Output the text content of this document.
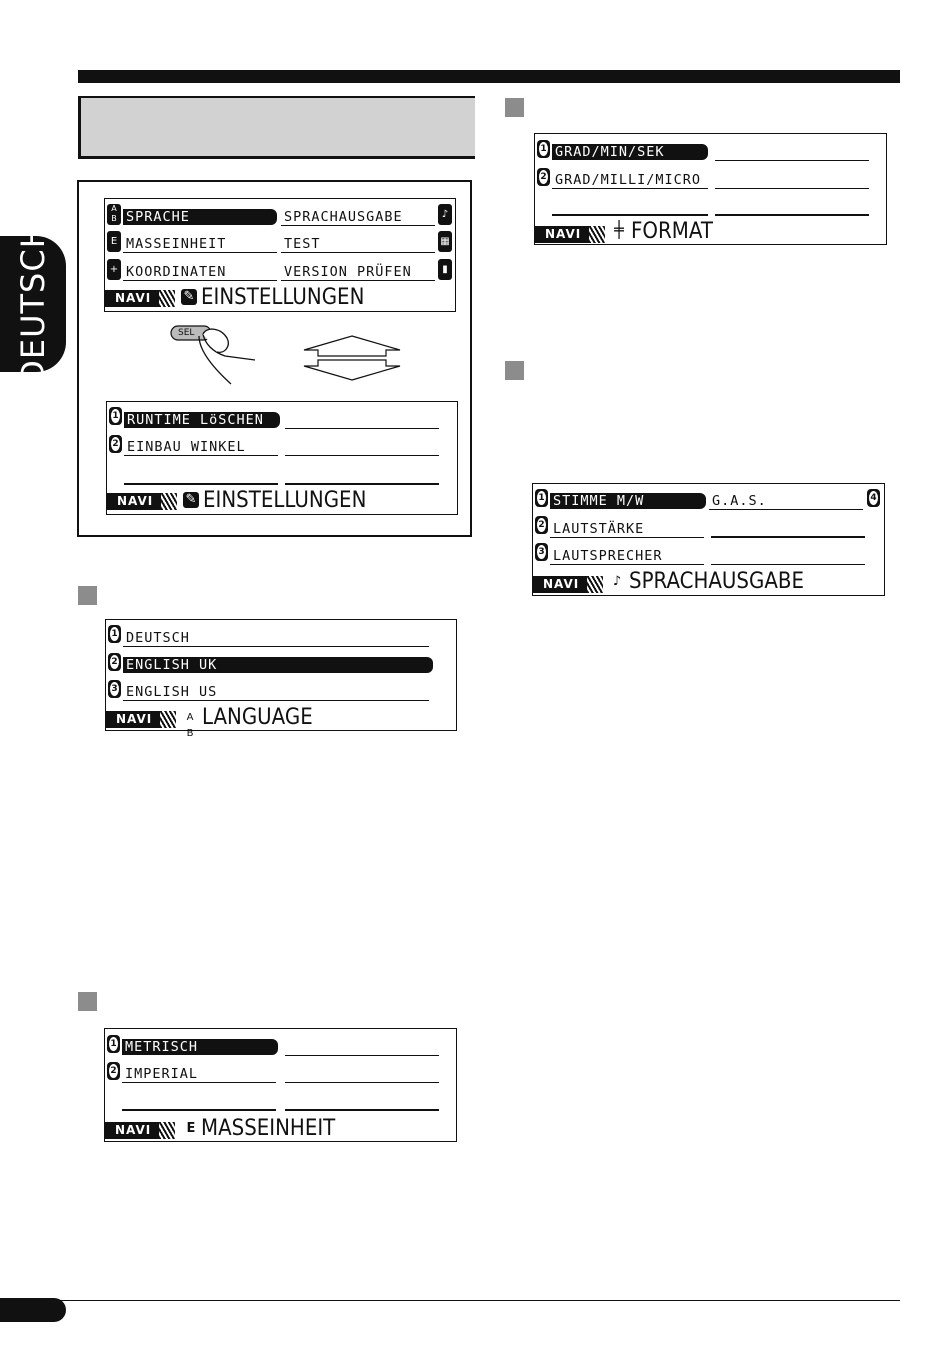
DEUTSCH
A
B
E
+
SPRACHE
MASSEINHEIT
KOORDINATEN
SPRACHAUSGABE
TEST
VERSION PRÜFEN
♪
▦
▮
NAVI ✎ EINSTELLUNGEN
SEL
1 RUNTIME LöSCHEN
2 EINBAU WINKEL
NAVI ✎ EINSTELLUNGEN
1 DEUTSCH
2 ENGLISH UK
3 ENGLISH US
NAVI	A B
LANGUAGE
1 METRISCH
2 IMPERIAL
NAVI	E MASSEINHEIT
1 GRAD/MIN/SEK
2 GRAD/MILLI/MICRO
NAVI ╪ FORMAT
1 STIMME M/W	G.A.S.	4
2 LAUTSTÄRKE
3 LAUTSPRECHER
NAVI	♪ SPRACHAUSGABE
